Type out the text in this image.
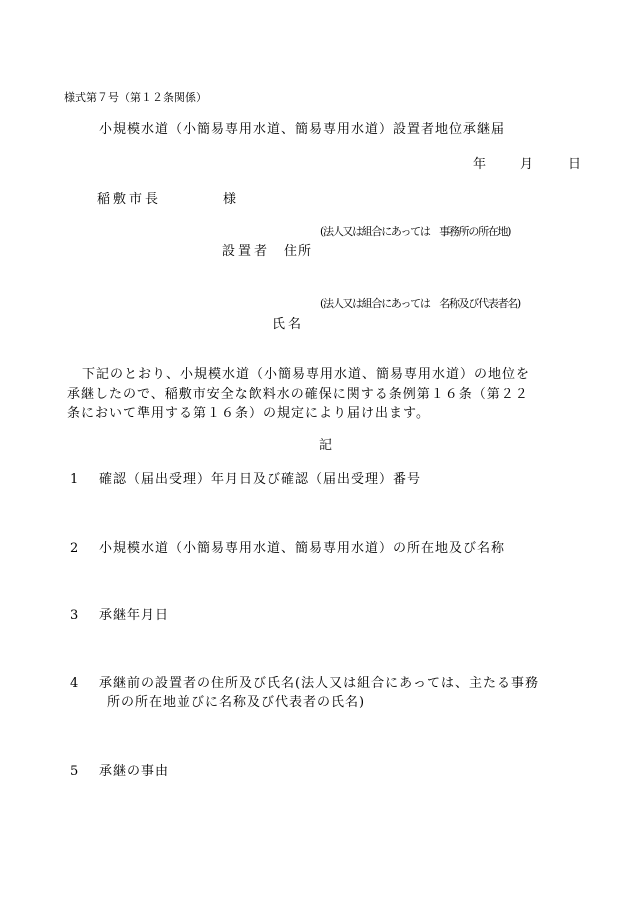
様式第７号（第１２条関係）
小規模水道（小簡易専用水道、簡易専用水道）設置者地位承継届
年	月	日
稲敷市長	様
(法人又は組合にあっては　事務所の所在地)
設置者 住所
(法人又は組合にあっては　名称及び代表者名)
氏名
下記のとおり、小規模水道（小簡易専用水道、簡易専用水道）の地位を
承継したので、稲敷市安全な飲料水の確保に関する条例第１６条（第２２
条において準用する第１６条）の規定により届け出ます。
記
1 確認（届出受理）年月日及び確認（届出受理）番号
2 小規模水道（小簡易専用水道、簡易専用水道）の所在地及び名称
3 承継年月日
4 承継前の設置者の住所及び氏名(法人又は組合にあっては、主たる事務
所の所在地並びに名称及び代表者の氏名)
5 承継の事由
